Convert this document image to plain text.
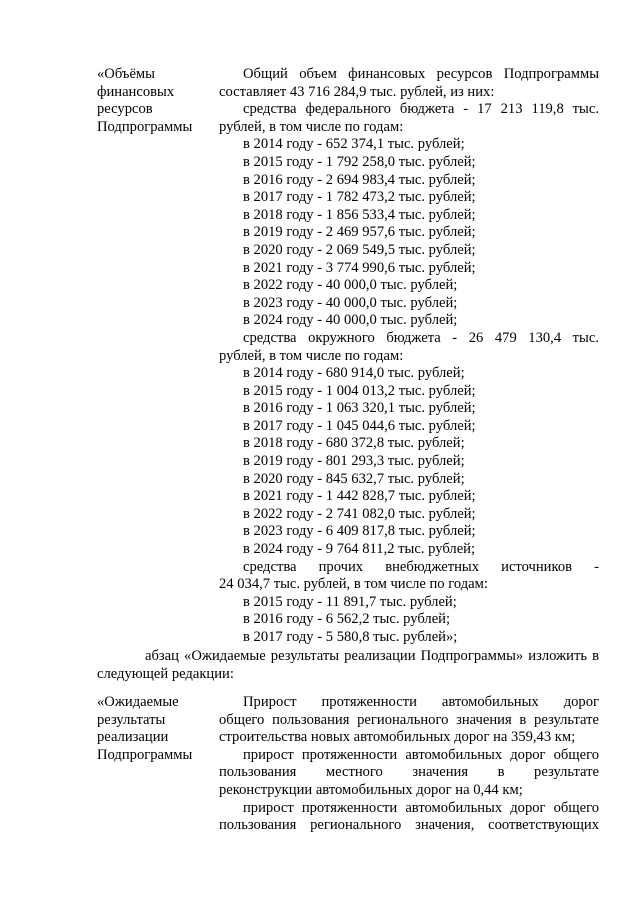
«Объёмы
финансовых
ресурсов
Подпрограммы
Общий объем финансовых ресурсов Подпрограммы
составляет 43 716 284,9 тыс. рублей, из них:
средства федерального бюджета - 17 213 119,8 тыс.
рублей, в том числе по годам:
в 2014 году - 652 374,1 тыс. рублей;
в 2015 году - 1 792 258,0 тыс. рублей;
в 2016 году - 2 694 983,4 тыс. рублей;
в 2017 году - 1 782 473,2 тыс. рублей;
в 2018 году - 1 856 533,4 тыс. рублей;
в 2019 году - 2 469 957,6 тыс. рублей;
в 2020 году - 2 069 549,5 тыс. рублей;
в 2021 году - 3 774 990,6 тыс. рублей;
в 2022 году - 40 000,0 тыс. рублей;
в 2023 году - 40 000,0 тыс. рублей;
в 2024 году - 40 000,0 тыс. рублей;
средства окружного бюджета - 26 479 130,4 тыс.
рублей, в том числе по годам:
в 2014 году - 680 914,0 тыс. рублей;
в 2015 году - 1 004 013,2 тыс. рублей;
в 2016 году - 1 063 320,1 тыс. рублей;
в 2017 году - 1 045 044,6 тыс. рублей;
в 2018 году - 680 372,8 тыс. рублей;
в 2019 году - 801 293,3 тыс. рублей;
в 2020 году - 845 632,7 тыс. рублей;
в 2021 году - 1 442 828,7 тыс. рублей;
в 2022 году - 2 741 082,0 тыс. рублей;
в 2023 году - 6 409 817,8 тыс. рублей;
в 2024 году - 9 764 811,2 тыс. рублей;
средства прочих внебюджетных источников -
24 034,7 тыс. рублей, в том числе по годам:
в 2015 году - 11 891,7 тыс. рублей;
в 2016 году - 6 562,2 тыс. рублей;
в 2017 году - 5 580,8 тыс. рублей»;
абзац «Ожидаемые результаты реализации Подпрограммы» изложить в
следующей редакции:
«Ожидаемые
результаты
реализации
Подпрограммы
Прирост протяженности автомобильных дорог
общего пользования регионального значения в результате
строительства новых автомобильных дорог на 359,43 км;
прирост протяженности автомобильных дорог общего
пользования местного значения в результате
реконструкции автомобильных дорог на 0,44 км;
прирост протяженности автомобильных дорог общего
пользования регионального значения, соответствующих
